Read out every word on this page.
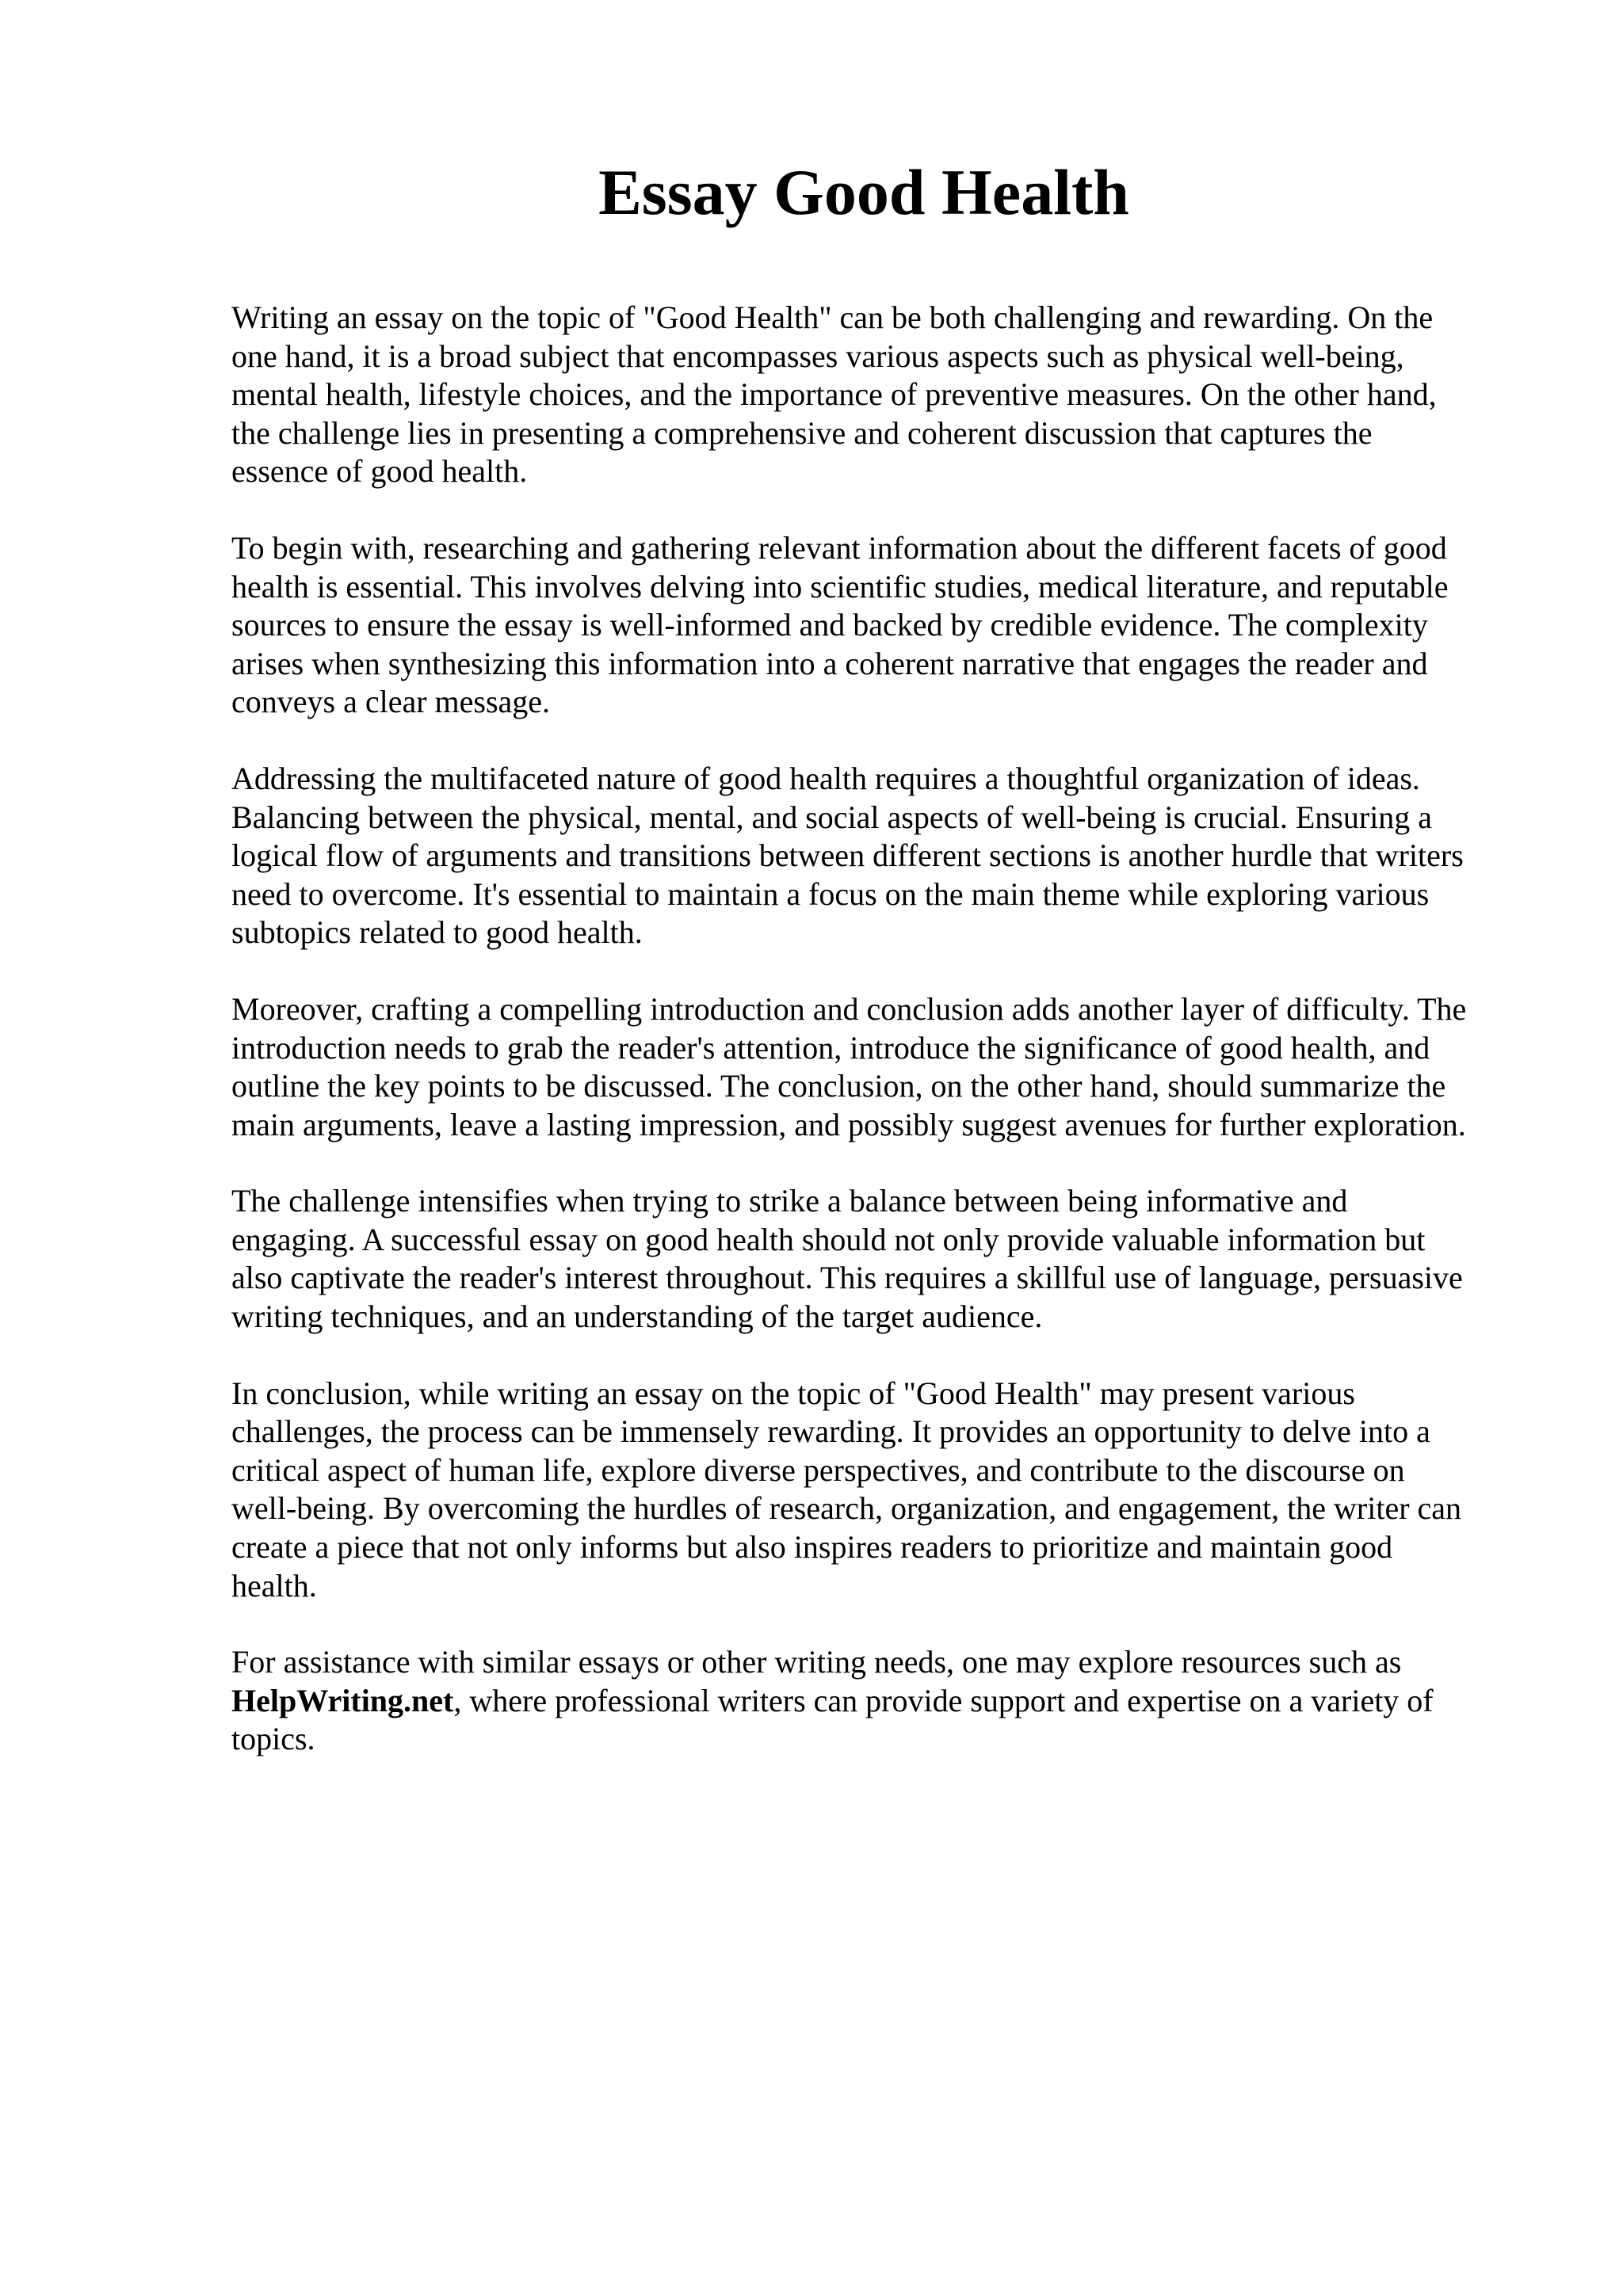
Essay Good Health

Writing an essay on the topic of "Good Health" can be both challenging and rewarding. On the
one hand, it is a broad subject that encompasses various aspects such as physical well-being,
mental health, lifestyle choices, and the importance of preventive measures. On the other hand,
the challenge lies in presenting a comprehensive and coherent discussion that captures the
essence of good health.

To begin with, researching and gathering relevant information about the different facets of good
health is essential. This involves delving into scientific studies, medical literature, and reputable
sources to ensure the essay is well-informed and backed by credible evidence. The complexity
arises when synthesizing this information into a coherent narrative that engages the reader and
conveys a clear message.

Addressing the multifaceted nature of good health requires a thoughtful organization of ideas.
Balancing between the physical, mental, and social aspects of well-being is crucial. Ensuring a
logical flow of arguments and transitions between different sections is another hurdle that writers
need to overcome. It's essential to maintain a focus on the main theme while exploring various
subtopics related to good health.

Moreover, crafting a compelling introduction and conclusion adds another layer of difficulty. The
introduction needs to grab the reader's attention, introduce the significance of good health, and
outline the key points to be discussed. The conclusion, on the other hand, should summarize the
main arguments, leave a lasting impression, and possibly suggest avenues for further exploration.

The challenge intensifies when trying to strike a balance between being informative and
engaging. A successful essay on good health should not only provide valuable information but
also captivate the reader's interest throughout. This requires a skillful use of language, persuasive
writing techniques, and an understanding of the target audience.

In conclusion, while writing an essay on the topic of "Good Health" may present various
challenges, the process can be immensely rewarding. It provides an opportunity to delve into a
critical aspect of human life, explore diverse perspectives, and contribute to the discourse on
well-being. By overcoming the hurdles of research, organization, and engagement, the writer can
create a piece that not only informs but also inspires readers to prioritize and maintain good
health.

For assistance with similar essays or other writing needs, one may explore resources such as
HelpWriting.net, where professional writers can provide support and expertise on a variety of
topics.
